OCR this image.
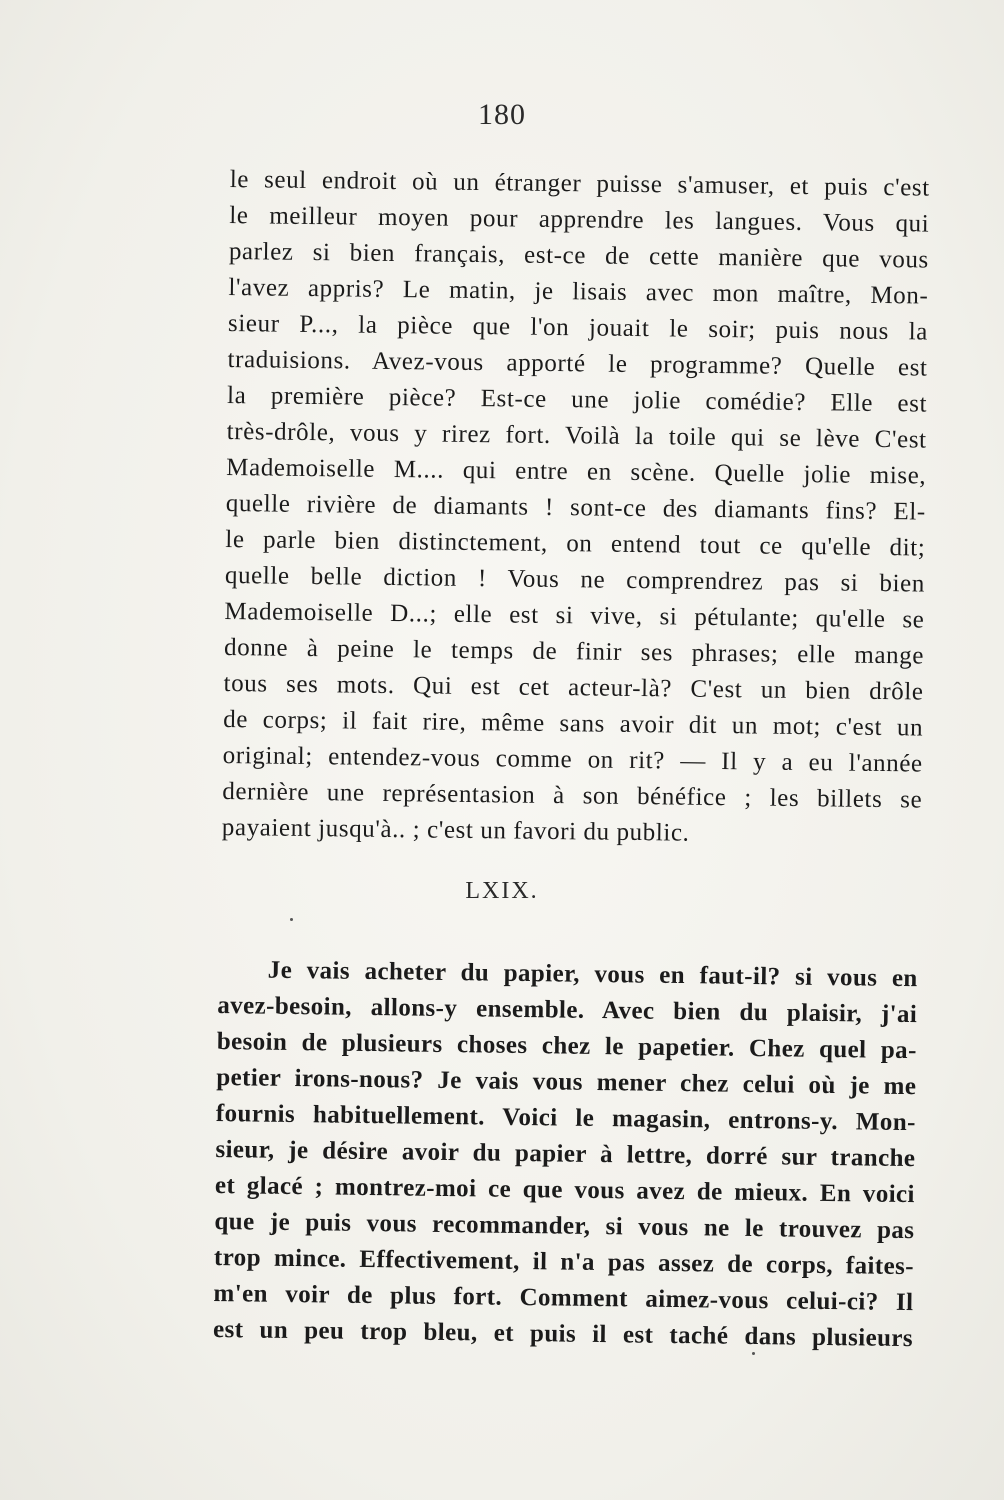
180
le seul endroit où un étranger puisse s'amuser, et puis c'est
le meilleur moyen pour apprendre les langues. Vous qui
parlez si bien français, est-ce de cette manière que vous
l'avez appris? Le matin, je lisais avec mon maître, Mon-
sieur P..., la pièce que l'on jouait le soir; puis nous la
traduisions. Avez-vous apporté le programme? Quelle est
la première pièce? Est-ce une jolie comédie? Elle est
très-drôle, vous y rirez fort. Voilà la toile qui se lève C'est
Mademoiselle M.... qui entre en scène. Quelle jolie mise,
quelle rivière de diamants ! sont-ce des diamants fins? El-
le parle bien distinctement, on entend tout ce qu'elle dit;
quelle belle diction ! Vous ne comprendrez pas si bien
Mademoiselle D...; elle est si vive, si pétulante; qu'elle se
donne à peine le temps de finir ses phrases; elle mange
tous ses mots. Qui est cet acteur-là? C'est un bien drôle
de corps; il fait rire, même sans avoir dit un mot; c'est un
original; entendez-vous comme on rit? — Il y a eu l'année
dernière une représentasion à son bénéfice ; les billets se
payaient jusqu'à.. ; c'est un favori du public.
LXIX.
Je vais acheter du papier, vous en faut-il? si vous en
avez-besoin, allons-y ensemble. Avec bien du plaisir, j'ai
besoin de plusieurs choses chez le papetier. Chez quel pa-
petier irons-nous? Je vais vous mener chez celui où je me
fournis habituellement. Voici le magasin, entrons-y. Mon-
sieur, je désire avoir du papier à lettre, dorré sur tranche
et glacé ; montrez-moi ce que vous avez de mieux. En voici
que je puis vous recommander, si vous ne le trouvez pas
trop mince. Effectivement, il n'a pas assez de corps, faites-
m'en voir de plus fort. Comment aimez-vous celui-ci? Il
est un peu trop bleu, et puis il est taché dans plusieurs
